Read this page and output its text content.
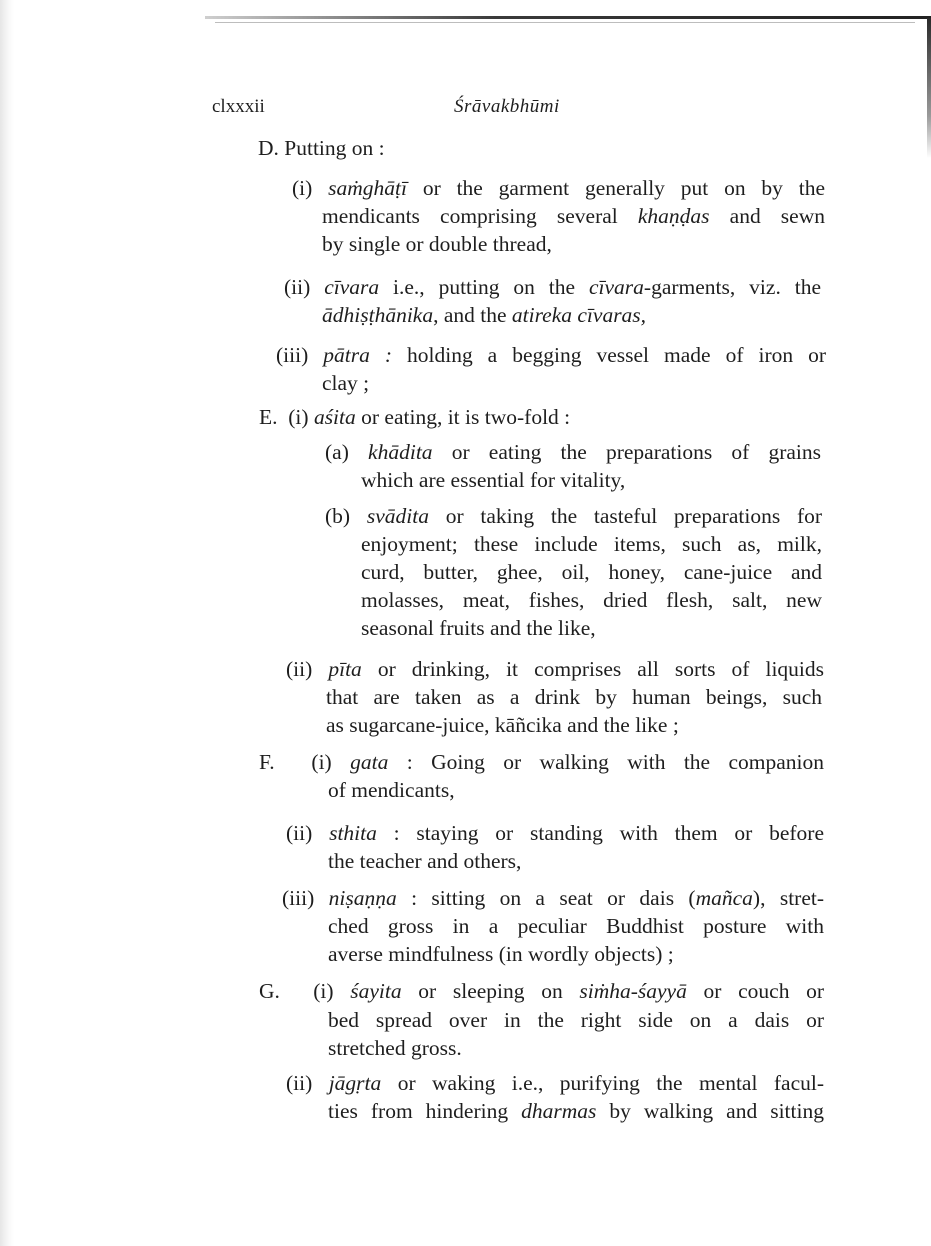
clxxxii	Śrāvakbhūmi
D. Putting on :
(i) saṁghāṭī or the garment generally put on by the
mendicants comprising several khaṇḍas and sewn
by single or double thread,
(ii) cīvara i.e., putting on the cīvara-garments, viz. the
ādhiṣṭhānika, and the atireka cīvaras,
(iii) pātra : holding a begging vessel made of iron or
clay ;
E. (i) aśita or eating, it is two-fold :
(a) khādita or eating the preparations of grains
which are essential for vitality,
(b) svādita or taking the tasteful preparations for
enjoyment; these include items, such as, milk,
curd, butter, ghee, oil, honey, cane-juice and
molasses, meat, fishes, dried flesh, salt, new
seasonal fruits and the like,
(ii) pīta or drinking, it comprises all sorts of liquids
that are taken as a drink by human beings, such
as sugarcane-juice, kāñcika and the like ;
F. (i) gata : Going or walking with the companion
of mendicants,
(ii) sthita : staying or standing with them or before
the teacher and others,
(iii) niṣaṇṇa : sitting on a seat or dais (mañca), stret-
ched gross in a peculiar Buddhist posture with
averse mindfulness (in wordly objects) ;
G. (i) śayita or sleeping on siṁha-śayyā or couch or
bed spread over in the right side on a dais or
stretched gross.
(ii) jāgṛta or waking i.e., purifying the mental facul-
ties from hindering dharmas by walking and sitting
